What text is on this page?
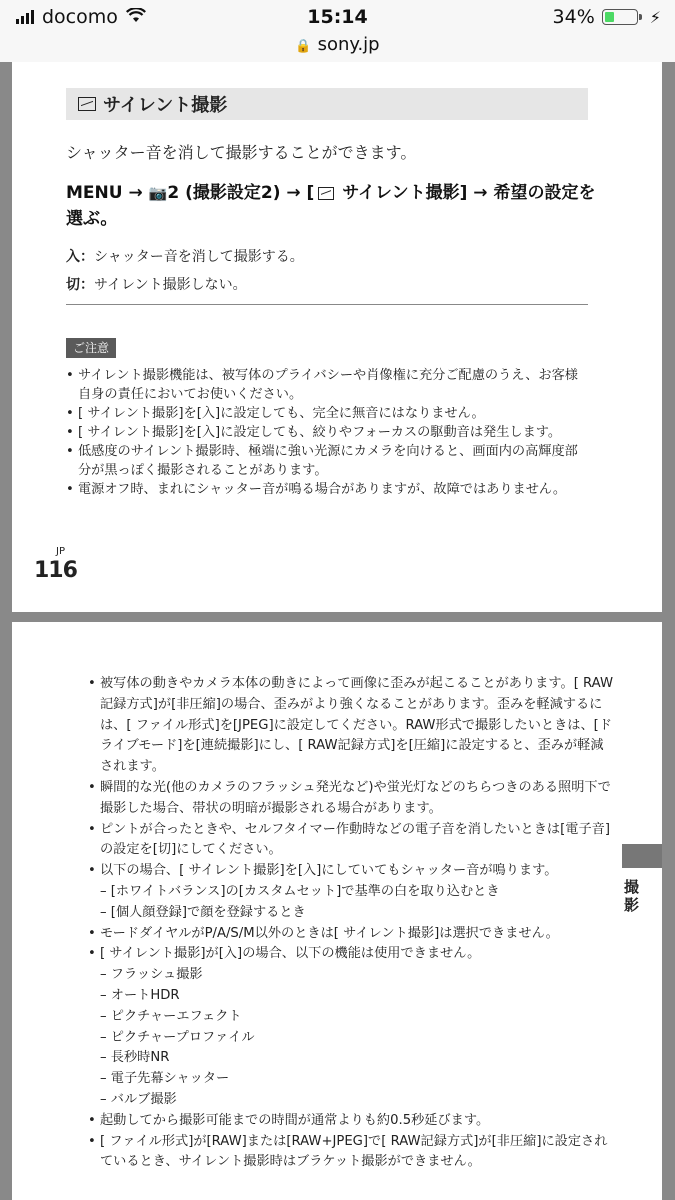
docomo	15:14	34%	⚡
🔒 sony.jp
サイレント撮影
シャッター音を消して撮影することができます。
MENU → 📷2 (撮影設定2) → [ サイレント撮影] → 希望の設定を選ぶ。
入：シャッター音を消して撮影する。
切：サイレント撮影しない。
ご注意
• サイレント撮影機能は、被写体のプライバシーや肖像権に充分ご配慮のうえ、お客様自身の責任においてお使いください。
• [ サイレント撮影]を[入]に設定しても、完全に無音にはなりません。
• [ サイレント撮影]を[入]に設定しても、絞りやフォーカスの駆動音は発生します。
• 低感度のサイレント撮影時、極端に強い光源にカメラを向けると、画面内の高輝度部分が黒っぽく撮影されることがあります。
• 電源オフ時、まれにシャッター音が鳴る場合がありますが、故障ではありません。
JP
116
撮影
• 被写体の動きやカメラ本体の動きによって画像に歪みが起こることがあります。[ RAW記録方式]が[非圧縮]の場合、歪みがより強くなることがあります。歪みを軽減するには、[ ファイル形式]を[JPEG]に設定してください。RAW形式で撮影したいときは、[ドライブモード]を[連続撮影]にし、[ RAW記録方式]を[圧縮]に設定すると、歪みが軽減されます。
• 瞬間的な光(他のカメラのフラッシュ発光など)や蛍光灯などのちらつきのある照明下で撮影した場合、帯状の明暗が撮影される場合があります。
• ピントが合ったときや、セルフタイマー作動時などの電子音を消したいときは[電子音]の設定を[切]にしてください。
• 以下の場合、[ サイレント撮影]を[入]にしていてもシャッター音が鳴ります。
– [ホワイトバランス]の[カスタムセット]で基準の白を取り込むとき
– [個人顔登録]で顔を登録するとき
• モードダイヤルがP/A/S/M以外のときは[ サイレント撮影]は選択できません。
• [ サイレント撮影]が[入]の場合、以下の機能は使用できません。
– フラッシュ撮影
– オートHDR
– ピクチャーエフェクト
– ピクチャープロファイル
– 長秒時NR
– 電子先幕シャッター
– バルブ撮影
• 起動してから撮影可能までの時間が通常よりも約0.5秒延びます。
• [ ファイル形式]が[RAW]または[RAW+JPEG]で[ RAW記録方式]が[非圧縮]に設定されているとき、サイレント撮影時はブラケット撮影ができません。
